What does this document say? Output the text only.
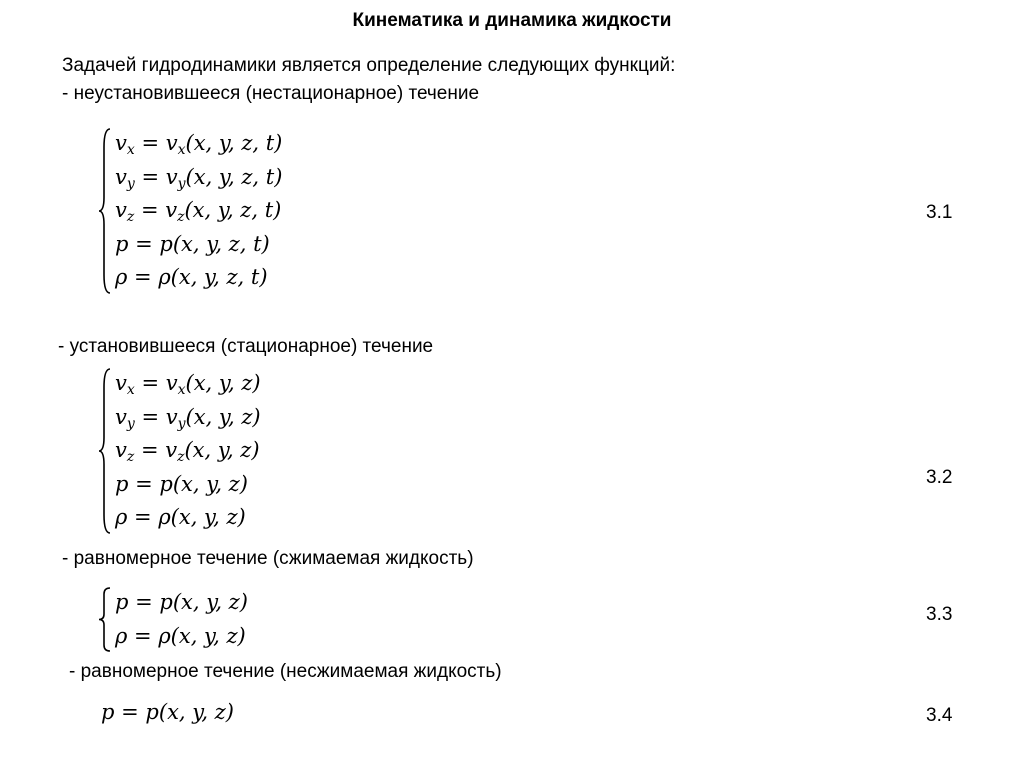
Кинематика и динамика жидкости
Задачей гидродинамики является определение следующих функций:
- неустановившееся (нестационарное) течение
$v_x = v_x(x$, y, z, t)
$v_y = v_y(x$, y, z, t)
$v_z = v_z(x$, y, z, t)
p = p(x, y, z, t)
ρ = ρ(x, y, z, t)
3.1
- установившееся (стационарное) течение
$v_x = v_x(x$, y, z)
$v_y = v_y(x$, y, z)
$v_z = v_z(x$, y, z)
p = p(x, y, z)
ρ = ρ(x, y, z)
3.2
- равномерное течение (сжимаемая жидкость)
p = p(x, y, z)
ρ = ρ(x, y, z)
3.3
- равномерное течение (несжимаемая жидкость)
p = p(x, y, z)	3.4
